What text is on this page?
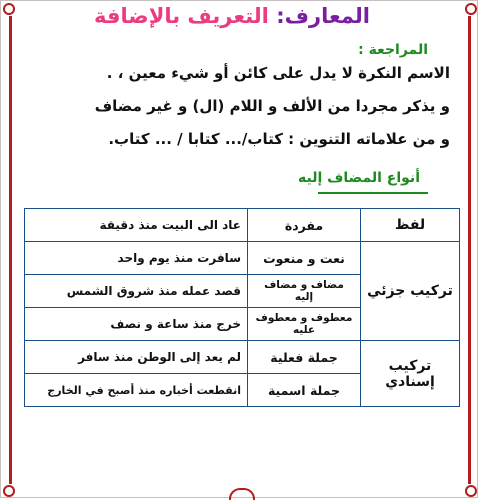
المعارف: التعريف بالإضافة
المراجعة :
الاسم النكرة لا يدل على كائن أو شيء معين ، .
و يذكر مجردا من الألف و اللام (ال) و غير مضاف
و من علاماته التنوين : كتاب/... كتابا / ... كتاب.
أنواع المضاف إليه
لفظ	مفردة	عاد الى البيت منذ دقيقة
تركيب جزئي	نعت و منعوت	سافرت منذ يوم واحد
	مضاف و مضاف إليه	قصد عمله منذ شروق الشمس
	معطوف و معطوف عليه	خرج منذ ساعة و نصف
تركيب إسنادي	جملة فعلية	لم يعد إلى الوطن منذ سافر
	جملة اسمية	انقطعت أخباره منذ أصبح في الخارج
